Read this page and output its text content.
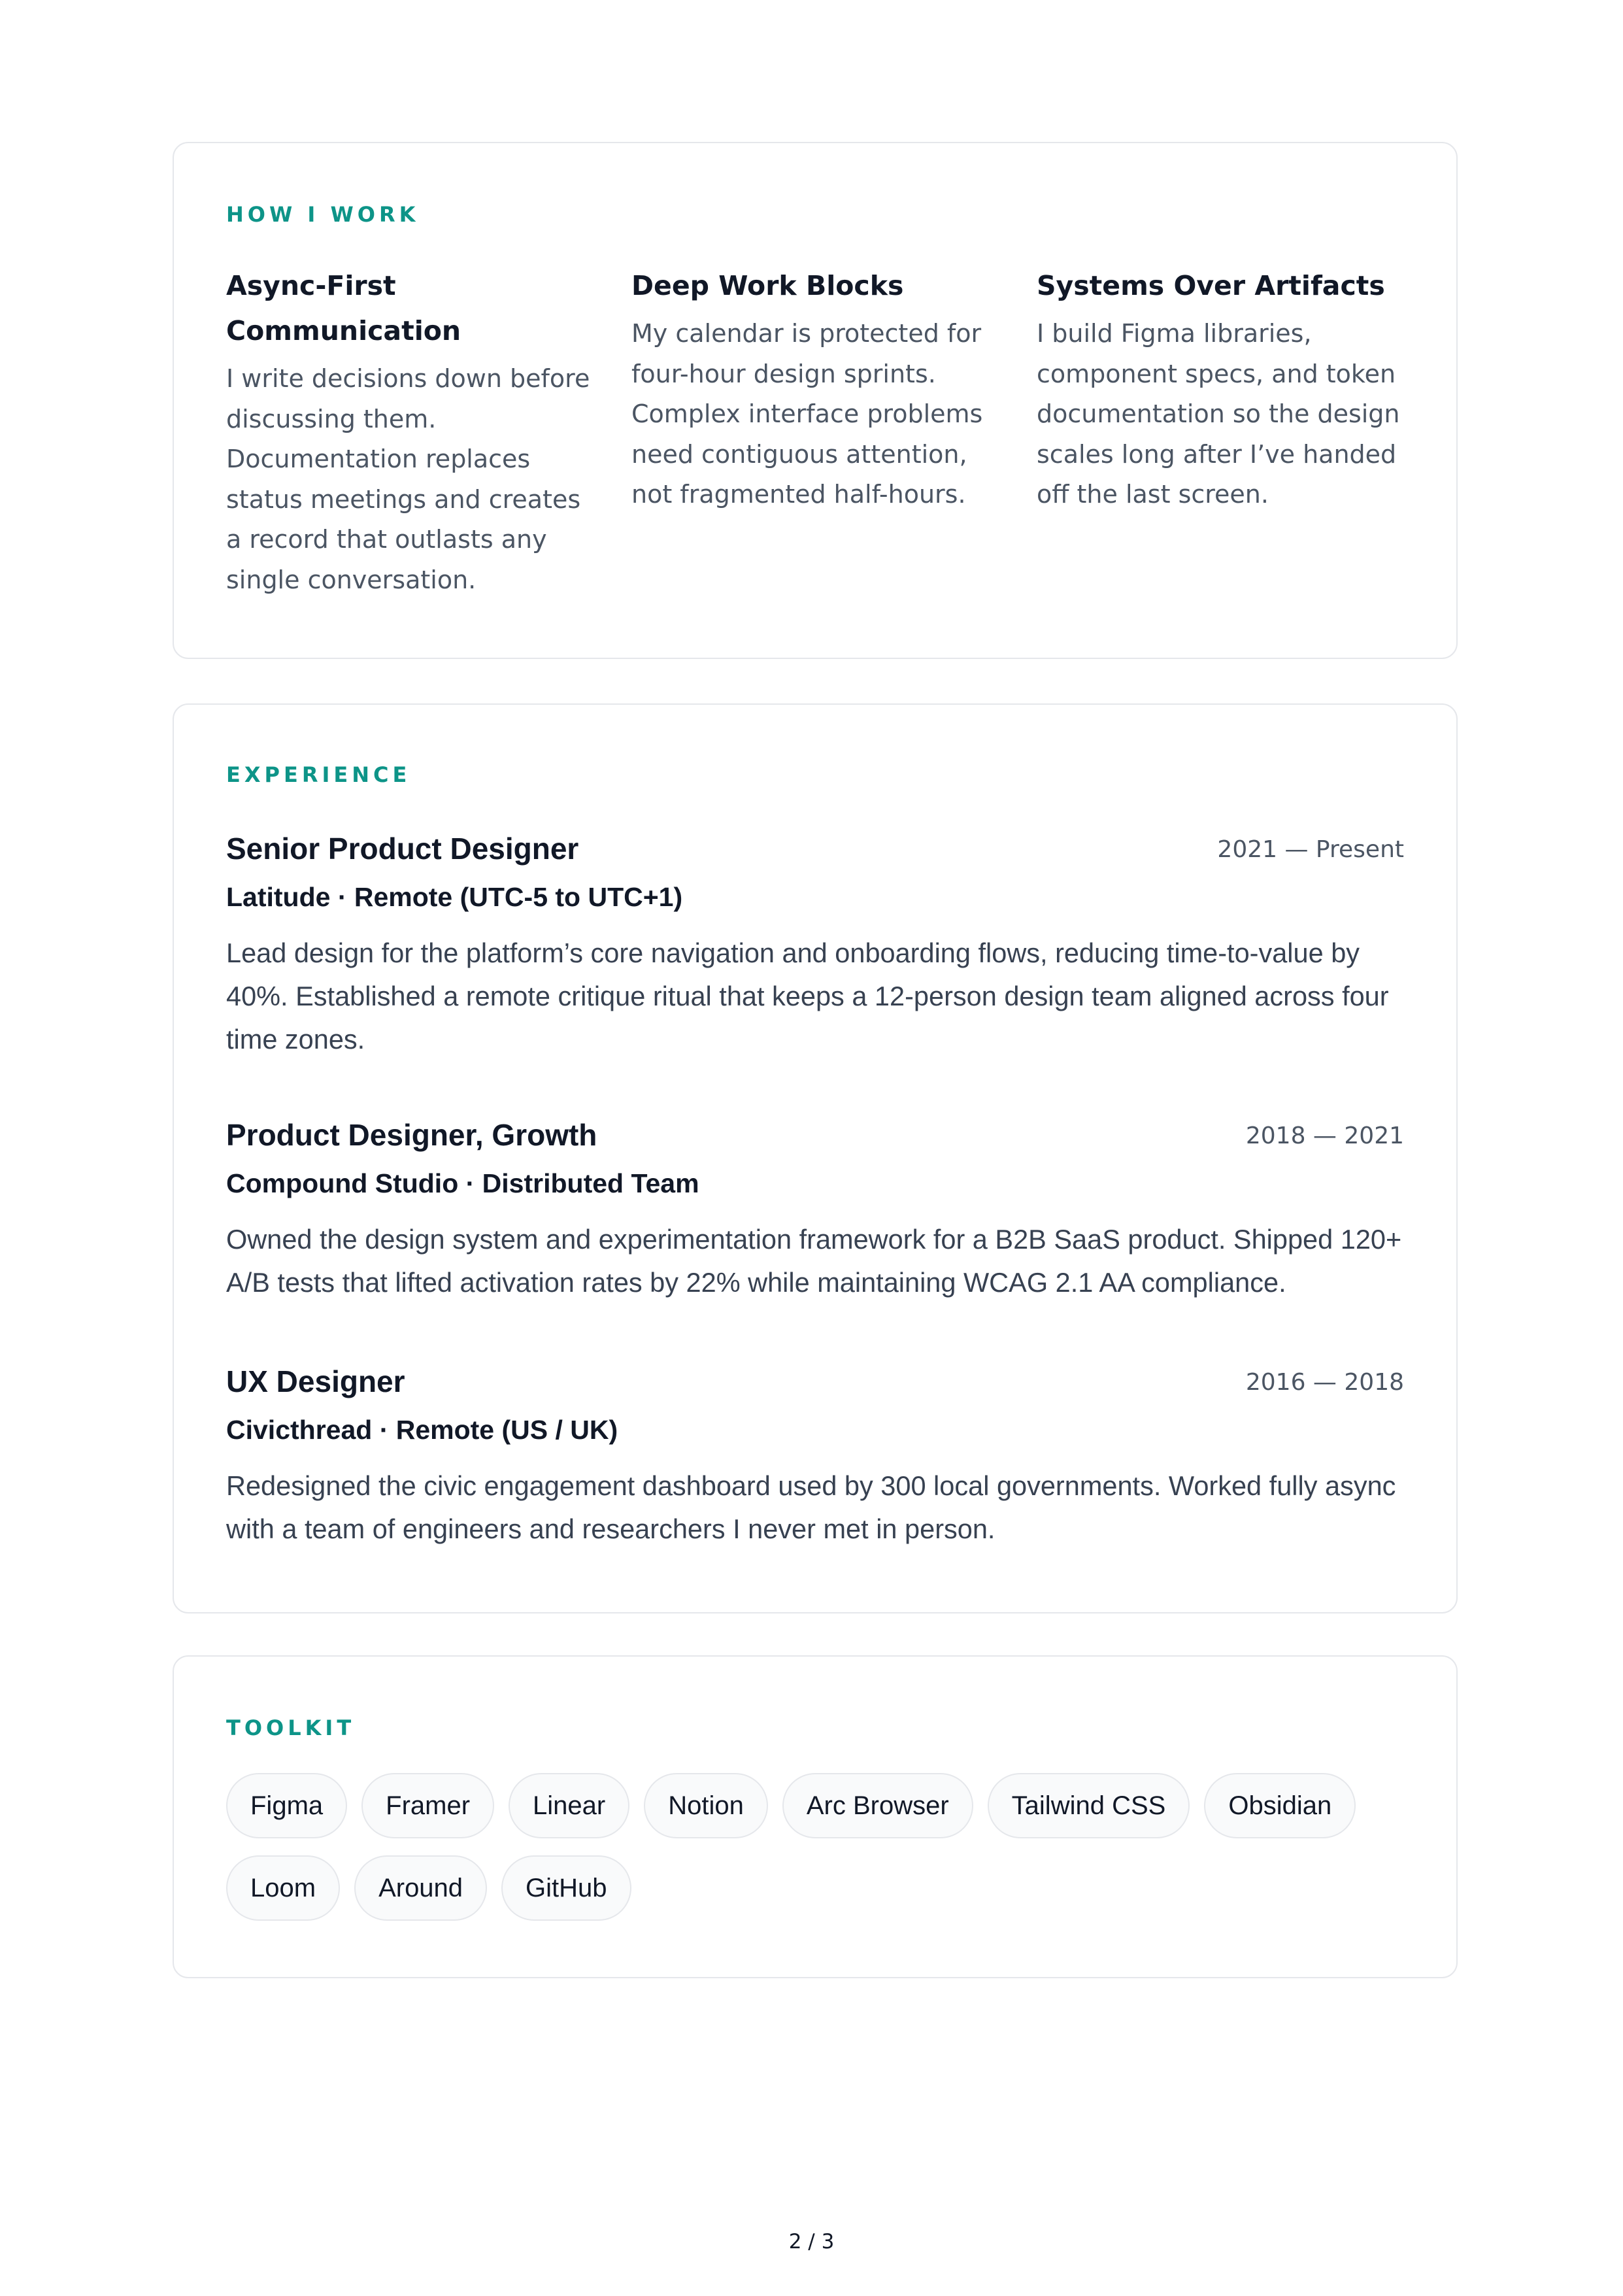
HOW I WORK
Async-First Communication

I write decisions down before discussing them. Documentation replaces status meetings and creates a record that outlasts any single conversation.

Deep Work Blocks

My calendar is protected for four-hour design sprints. Complex interface problems need contiguous attention, not fragmented half-hours.

Systems Over Artifacts

I build Figma libraries, component specs, and token documentation so the design scales long after I’ve handed off the last screen.

EXPERIENCE
Senior Product Designer	2021 — Present
Latitude · Remote (UTC-5 to UTC+1)

Lead design for the platform’s core navigation and onboarding flows, reducing time-to-value by 40%. Established a remote critique ritual that keeps a 12-person design team aligned across four time zones.

Product Designer, Growth	2018 — 2021
Compound Studio · Distributed Team

Owned the design system and experimentation framework for a B2B SaaS product. Shipped 120+ A/B tests that lifted activation rates by 22% while maintaining WCAG 2.1 AA compliance.

UX Designer	2016 — 2018
Civicthread · Remote (US / UK)

Redesigned the civic engagement dashboard used by 300 local governments. Worked fully async with a team of engineers and researchers I never met in person.

TOOLKIT
Figma	Framer	Linear	Notion	Arc Browser	Tailwind CSS	Obsidian
Loom	Around	GitHub
2 / 3
